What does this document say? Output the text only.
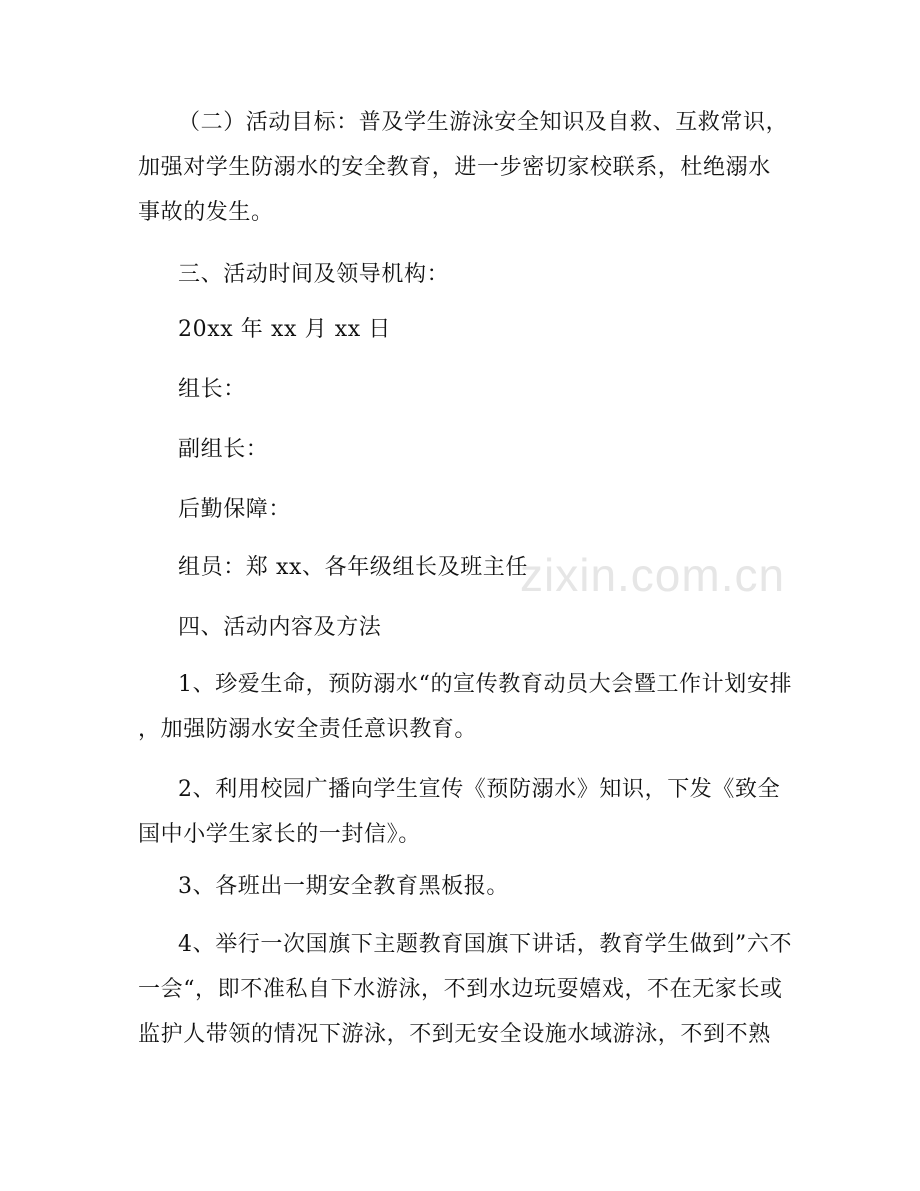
zixin.com.cn

（二）活动目标：普及学生游泳安全知识及自救、互救常识，
加强对学生防溺水的安全教育，进一步密切家校联系，杜绝溺水
事故的发生。

三、活动时间及领导机构：

20xx 年 xx 月 xx 日

组长：

副组长：

后勤保障：

组员：郑 xx、各年级组长及班主任

四、活动内容及方法

1、珍爱生命，预防溺水“的宣传教育动员大会暨工作计划安排
，加强防溺水安全责任意识教育。

2、利用校园广播向学生宣传《预防溺水》知识，下发《致全
国中小学生家长的一封信》。

3、各班出一期安全教育黑板报。

4、举行一次国旗下主题教育国旗下讲话，教育学生做到”六不
一会“，即不准私自下水游泳，不到水边玩耍嬉戏，不在无家长或
监护人带领的情况下游泳，不到无安全设施水域游泳，不到不熟
